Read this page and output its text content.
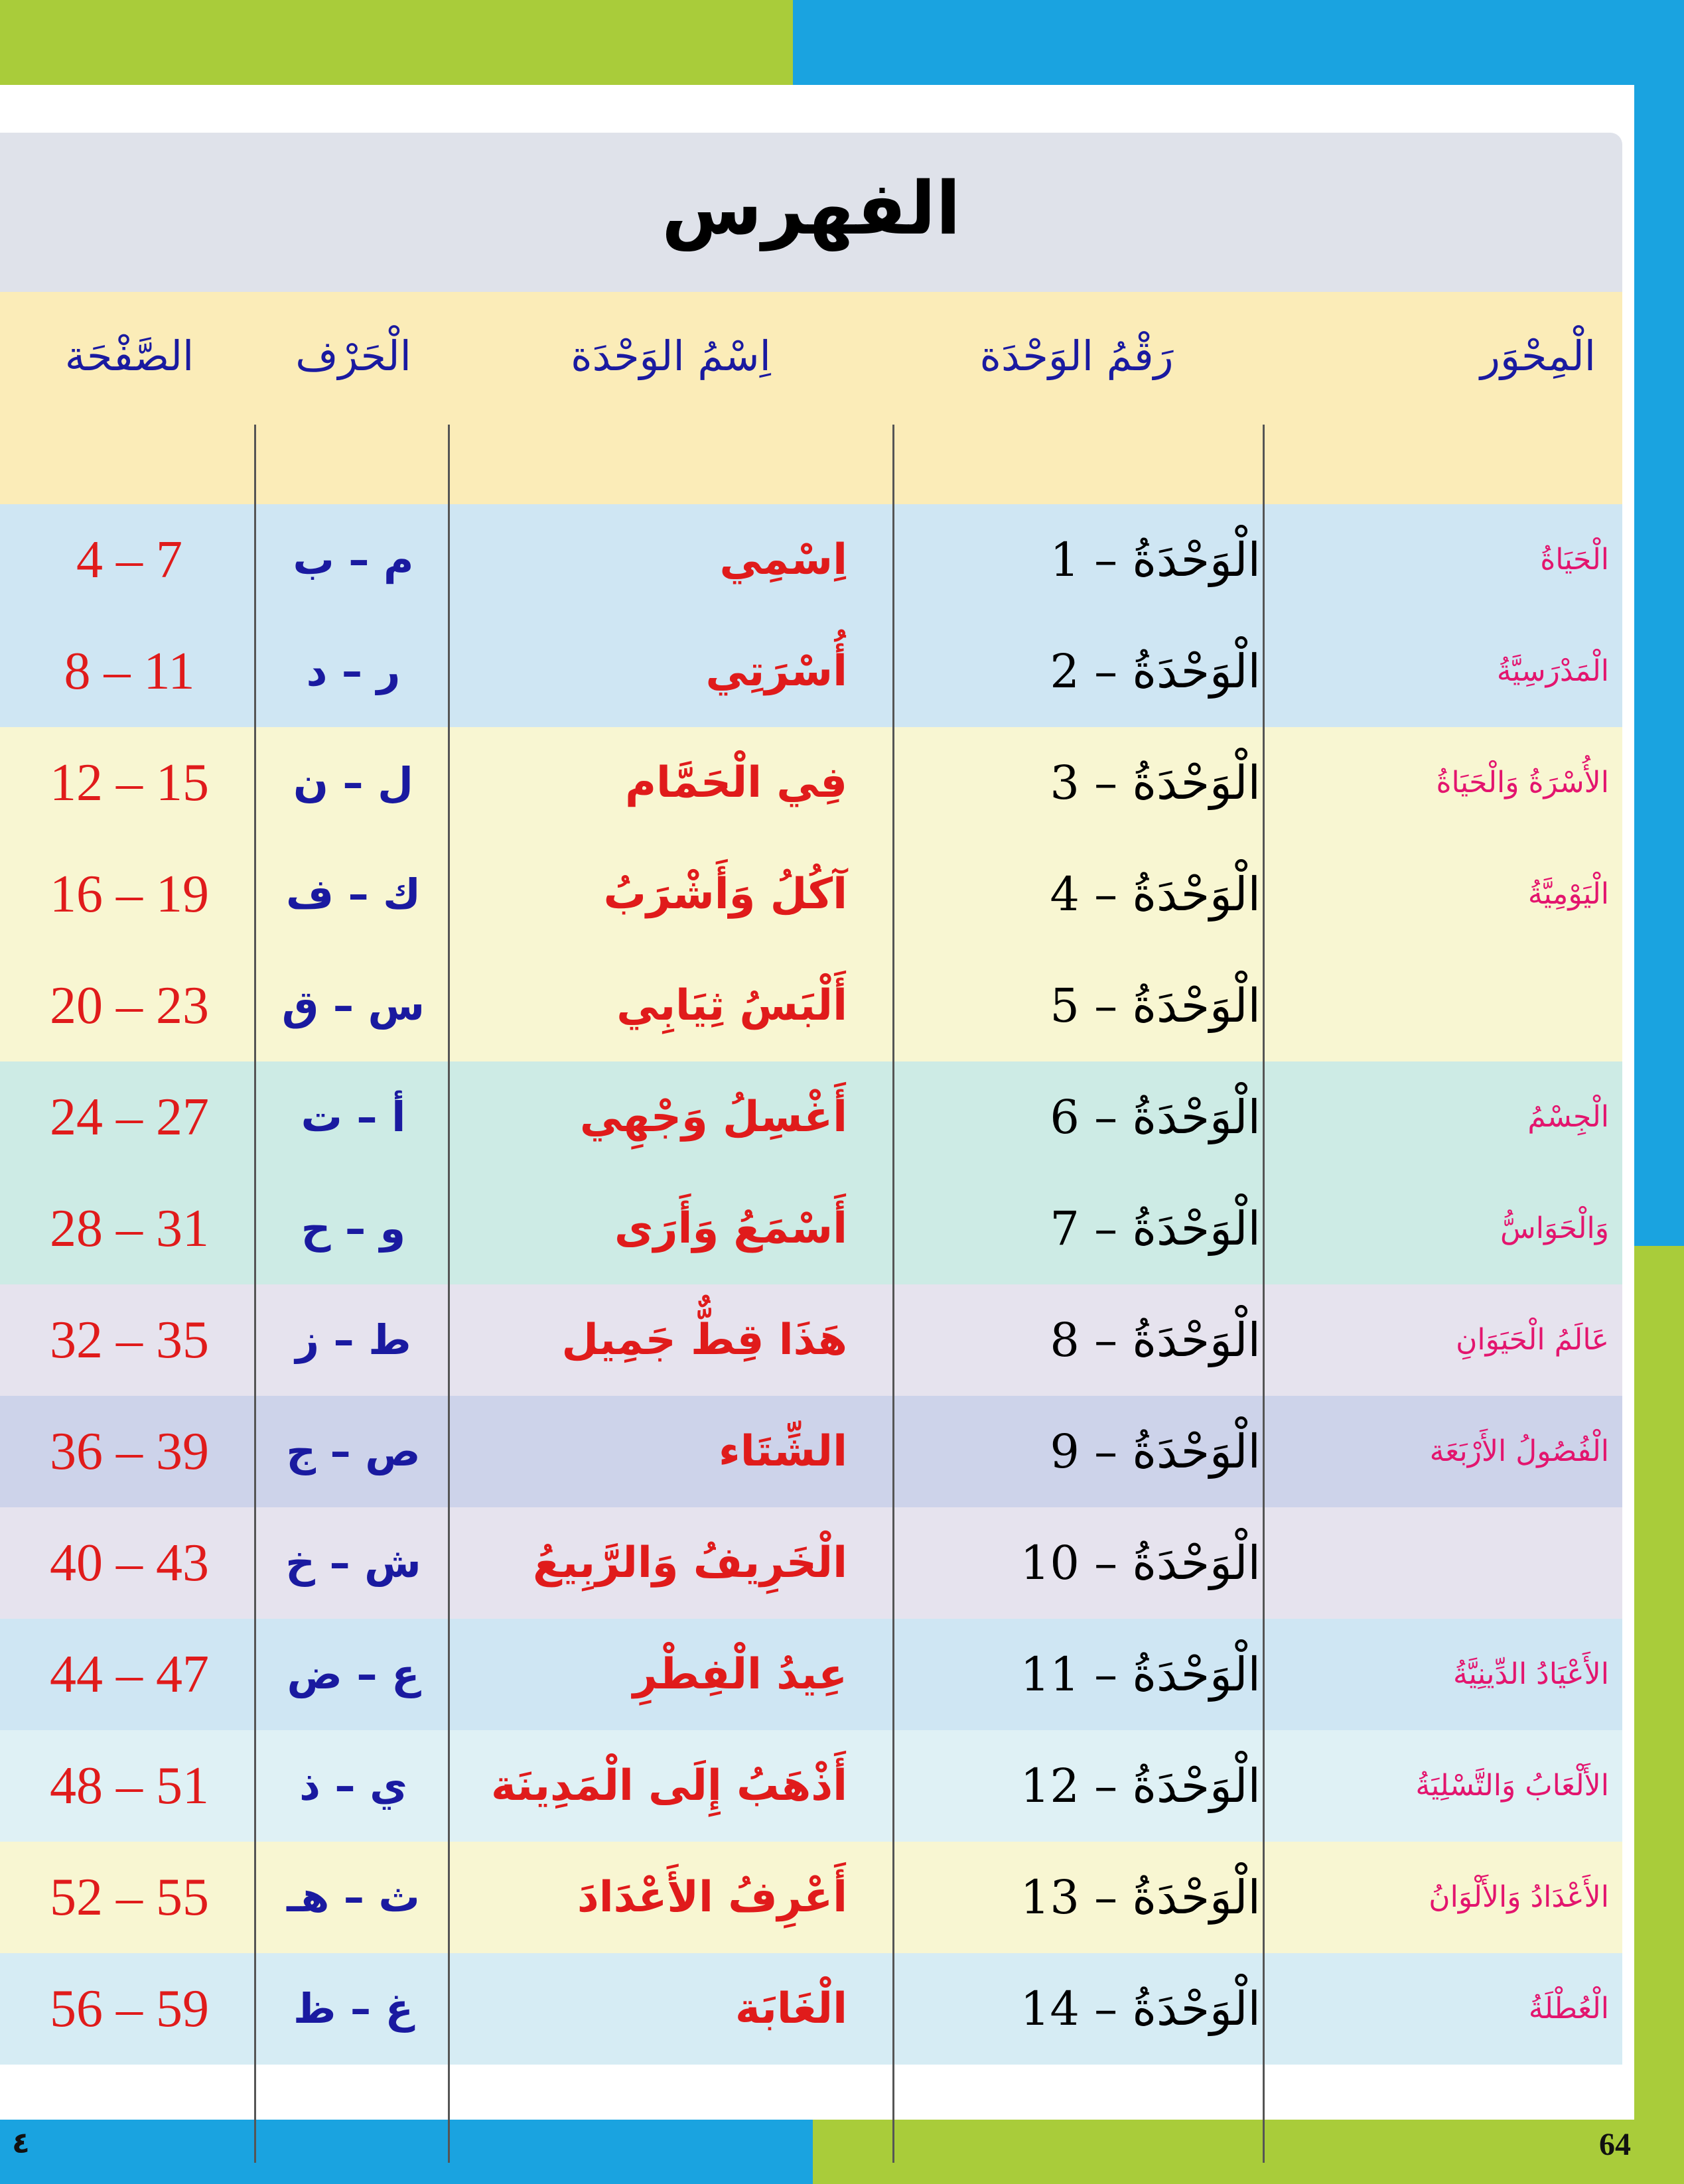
الفهرس
الْمِحْوَر
رَقْمُ الوَحْدَة
اِسْمُ الوَحْدَة
الْحَرْف
الصَّفْحَة
الْحَيَاةُ
الْوَحْدَةُ – 1
اِسْمِي
م – ب
4 – 7
الْمَدْرَسِيَّةُ
الْوَحْدَةُ – 2
أُسْرَتِي
ر – د
8 – 11
الأُسْرَةُ وَالْحَيَاةُ
الْوَحْدَةُ – 3
فِي الْحَمَّام
ل – ن
12 – 15
الْيَوْمِيَّةُ
الْوَحْدَةُ – 4
آكُلُ وَأَشْرَبُ
ك – ف
16 – 19
الْوَحْدَةُ – 5
أَلْبَسُ ثِيَابِي
س – ق
20 – 23
الْجِسْمُ
الْوَحْدَةُ – 6
أَغْسِلُ وَجْهِي
أ – ت
24 – 27
وَالْحَوَاسُّ
الْوَحْدَةُ – 7
أَسْمَعُ وَأَرَى
و – ح
28 – 31
عَالَمُ الْحَيَوَانِ
الْوَحْدَةُ – 8
هَذَا قِطٌّ جَمِيل
ط – ز
32 – 35
الْفُصُولُ الأَرْبَعَة
الْوَحْدَةُ – 9
الشِّتَاء
ص – ج
36 – 39
الْوَحْدَةُ – 10
الْخَرِيفُ وَالرَّبِيعُ
ش – خ
40 – 43
الأَعْيَادُ الدِّينِيَّةُ
الْوَحْدَةُ – 11
عِيدُ الْفِطْرِ
ع – ض
44 – 47
الأَلْعَابُ وَالتَّسْلِيَةُ
الْوَحْدَةُ – 12
أَذْهَبُ إِلَى الْمَدِينَة
ي – ذ
48 – 51
الأَعْدَادُ وَالأَلْوَانُ
الْوَحْدَةُ – 13
أَعْرِفُ الأَعْدَادَ
ث – هـ
52 – 55
الْعُطْلَةُ
الْوَحْدَةُ – 14
الْغَابَة
غ – ظ
56 – 59
64
٤
